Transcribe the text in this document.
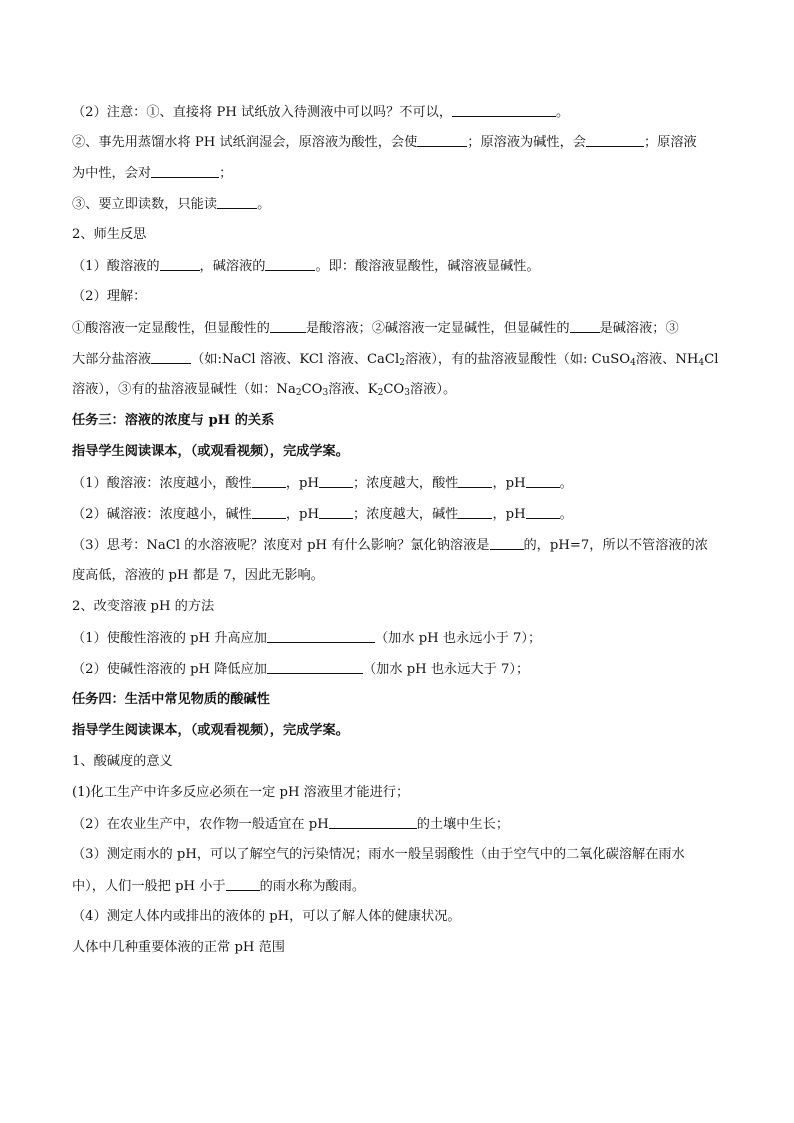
（2）注意：①、直接将 PH 试纸放入待测液中可以吗？不可以，	。
②、事先用蒸馏水将 PH 试纸润湿会，原溶液为酸性，会使	；原溶液为碱性，会	；原溶液
为中性，会对	；
③、要立即读数，只能读	。
2、师生反思
（1）酸溶液的	，碱溶液的	。即：酸溶液显酸性，碱溶液显碱性。
（2）理解：
①酸溶液一定显酸性，但显酸性的	是酸溶液；②碱溶液一定显碱性，但显碱性的 是碱溶液；③
大部分盐溶液	（如:NaCl 溶液、KCl 溶液、CaCl$_2$溶液），有的盐溶液显酸性（如: CuSO$_4$溶液、$NH_4Cl$
溶液），③有的盐溶液显碱性（如：$Na_2CO_3$溶液、$K_2CO_3$溶液）。
任务三：溶液的浓度与 pH 的关系
指导学生阅读课本，（或观看视频），完成学案。
（1）酸溶液：浓度越小，酸性	，pH	；浓度越大，酸性	，pH	。
（2）碱溶液：浓度越小，碱性	，pH	；浓度越大，碱性	，pH	。
（3）思考：NaCl 的水溶液呢？浓度对 pH 有什么影响？氯化钠溶液是	的，pH=7，所以不管溶液的浓
度高低，溶液的 pH 都是 7，因此无影响。
2、改变溶液 pH 的方法
（1）使酸性溶液的 pH 升高应加	（加水 pH 也永远小于 7）；
（2）使碱性溶液的 pH 降低应加	（加水 pH 也永远大于 7）；
任务四：生活中常见物质的酸碱性
指导学生阅读课本，（或观看视频），完成学案。
1、酸碱度的意义
(1)化工生产中许多反应必须在一定 pH 溶液里才能进行；
（2）在农业生产中，农作物一般适宜在 pH	的土壤中生长；
（3）测定雨水的 pH，可以了解空气的污染情况；雨水一般呈弱酸性（由于空气中的二氧化碳溶解在雨水
中），人们一般把 pH 小于	的雨水称为酸雨。
（4）测定人体内或排出的液体的 pH，可以了解人体的健康状况。
人体中几种重要体液的正常 pH 范围
